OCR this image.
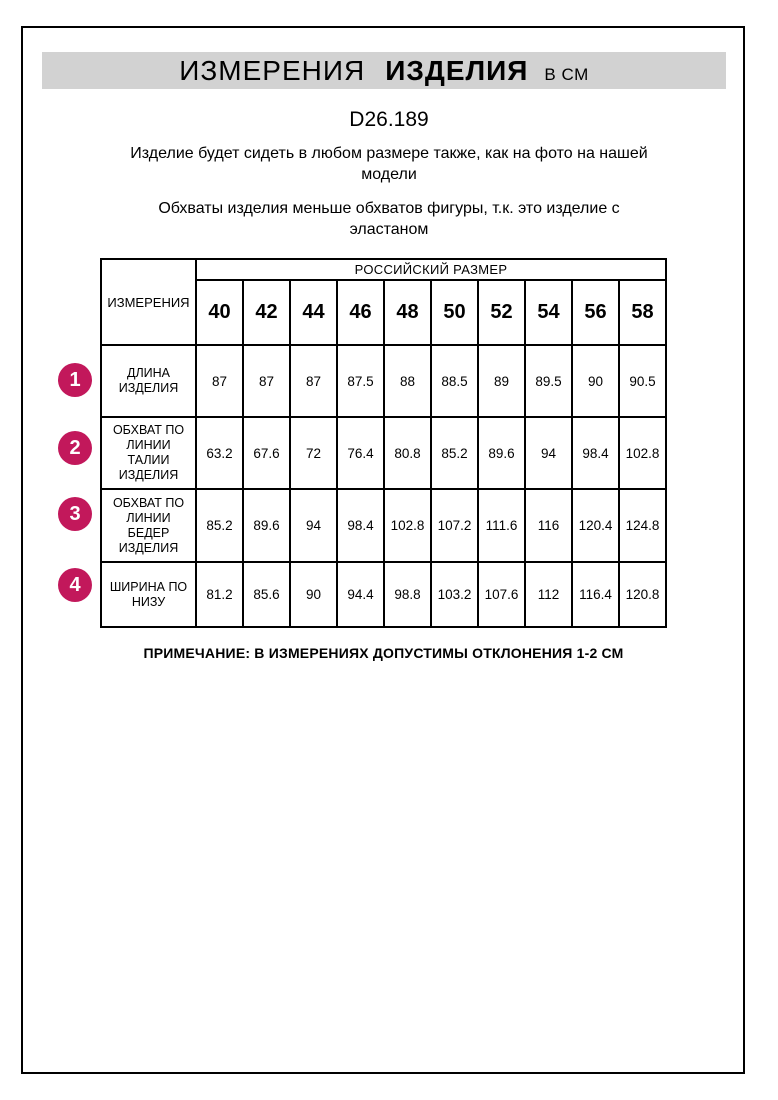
ИЗМЕРЕНИЯ ИЗДЕЛИЯ В СМ
D26.189
Изделие будет сидеть в любом размере также, как на фото на нашей
модели
Обхваты изделия меньше обхватов фигуры, т.к. это изделие с
эластаном
1
2
3
4
ИЗМЕРЕНИЯ	РОССИЙСКИЙ РАЗМЕР									
	40	42	44	46	48	50	52	54	56	58
ДЛИНА ИЗДЕЛИЯ	87	87	87	87.5	88	88.5	89	89.5	90	90.5
ОБХВАТ ПО ЛИНИИ ТАЛИИ ИЗДЕЛИЯ	63.2	67.6	72	76.4	80.8	85.2	89.6	94	98.4	102.8
ОБХВАТ ПО ЛИНИИ БЕДЕР ИЗДЕЛИЯ	85.2	89.6	94	98.4	102.8	107.2	111.6	116	120.4	124.8
ШИРИНА ПО НИЗУ	81.2	85.6	90	94.4	98.8	103.2	107.6	112	116.4	120.8
ПРИМЕЧАНИЕ: В ИЗМЕРЕНИЯХ ДОПУСТИМЫ ОТКЛОНЕНИЯ 1-2 СМ
